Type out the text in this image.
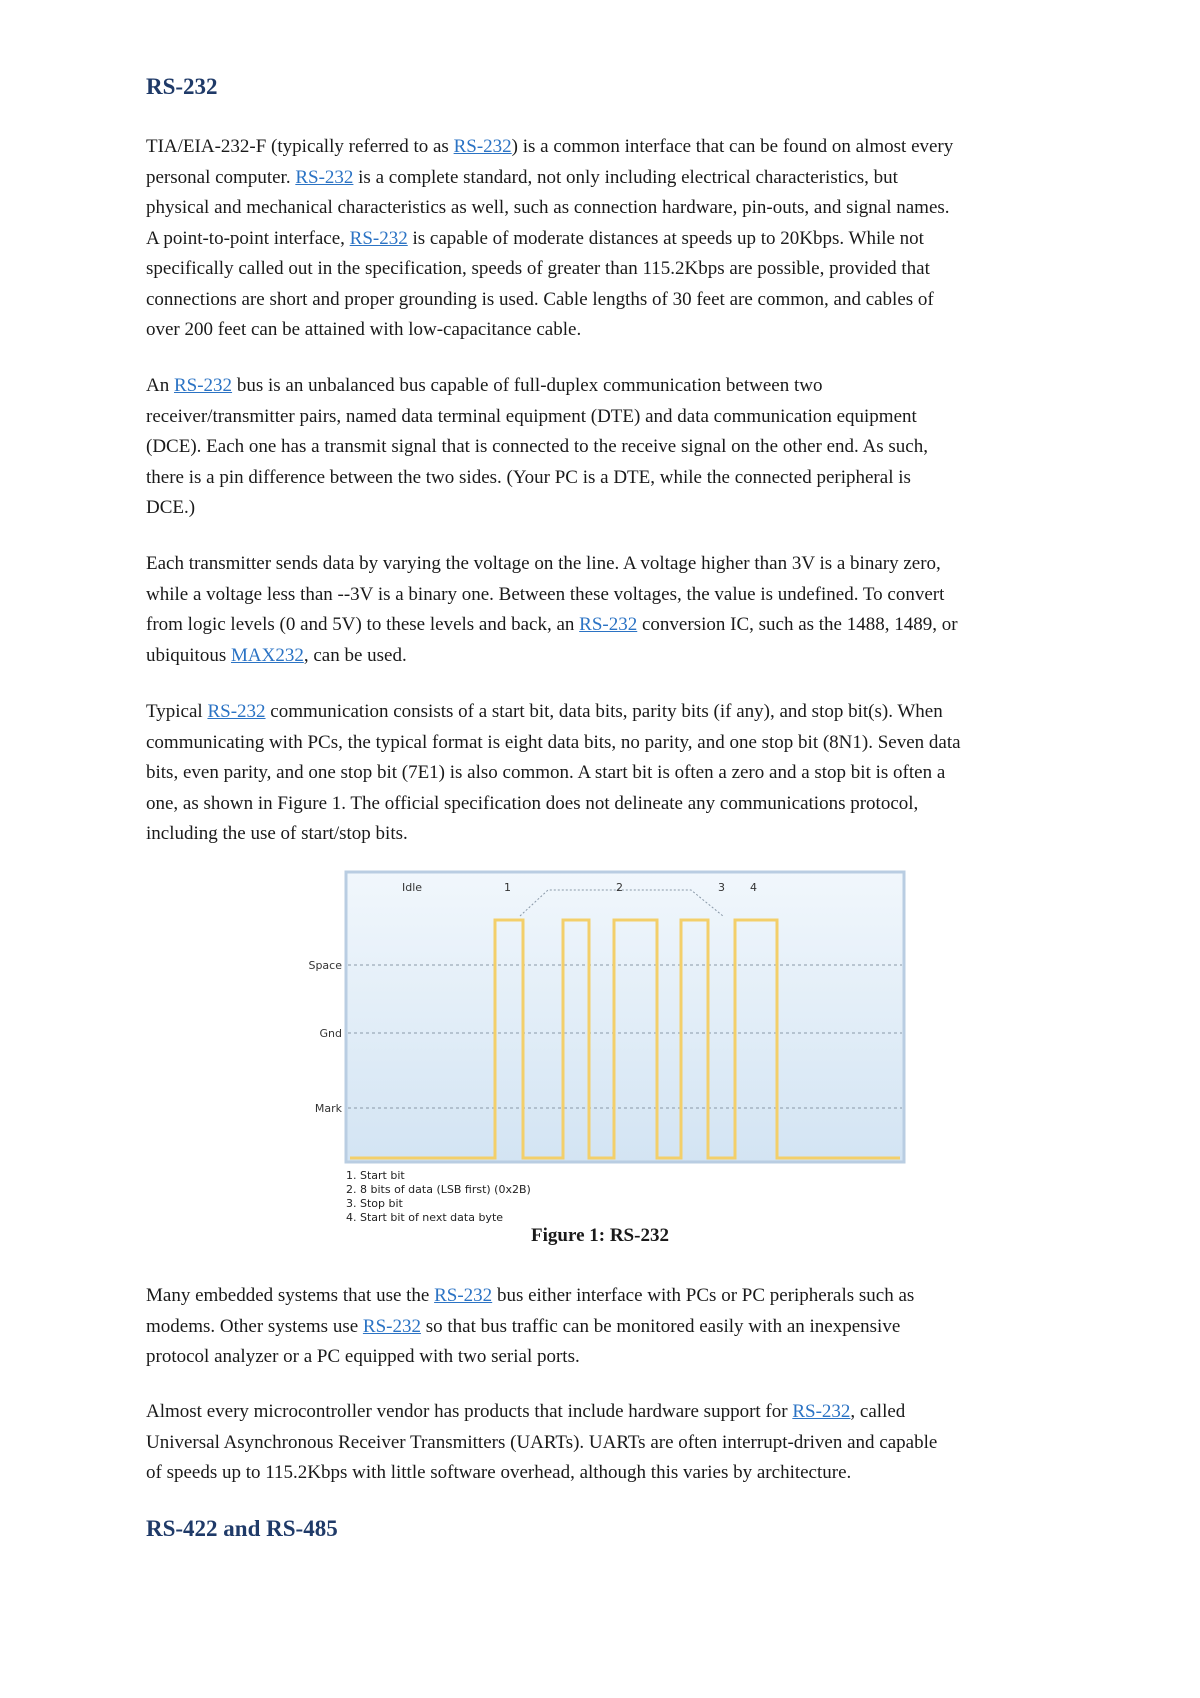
RS-232

TIA/EIA-232-F (typically referred to as RS-232) is a common interface that can be found on almost every
personal computer. RS-232 is a complete standard, not only including electrical characteristics, but
physical and mechanical characteristics as well, such as connection hardware, pin-outs, and signal names.
A point-to-point interface, RS-232 is capable of moderate distances at speeds up to 20Kbps. While not
specifically called out in the specification, speeds of greater than 115.2Kbps are possible, provided that
connections are short and proper grounding is used. Cable lengths of 30 feet are common, and cables of
over 200 feet can be attained with low-capacitance cable.

An RS-232 bus is an unbalanced bus capable of full-duplex communication between two
receiver/transmitter pairs, named data terminal equipment (DTE) and data communication equipment
(DCE). Each one has a transmit signal that is connected to the receive signal on the other end. As such,
there is a pin difference between the two sides. (Your PC is a DTE, while the connected peripheral is
DCE.)

Each transmitter sends data by varying the voltage on the line. A voltage higher than 3V is a binary zero,
while a voltage less than --3V is a binary one. Between these voltages, the value is undefined. To convert
from logic levels (0 and 5V) to these levels and back, an RS-232 conversion IC, such as the 1488, 1489, or
ubiquitous MAX232, can be used.

Typical RS-232 communication consists of a start bit, data bits, parity bits (if any), and stop bit(s). When
communicating with PCs, the typical format is eight data bits, no parity, and one stop bit (8N1). Seven data
bits, even parity, and one stop bit (7E1) is also common. A start bit is often a zero and a stop bit is often a
one, as shown in Figure 1. The official specification does not delineate any communications protocol,
including the use of start/stop bits.

Idle	1	2	3 4
Space
Gnd
Mark
1. Start bit
2. 8 bits of data (LSB first) (0x2B)
3. Stop bit
4. Start bit of next data byte

Figure 1: RS-232

Many embedded systems that use the RS-232 bus either interface with PCs or PC peripherals such as
modems. Other systems use RS-232 so that bus traffic can be monitored easily with an inexpensive
protocol analyzer or a PC equipped with two serial ports.

Almost every microcontroller vendor has products that include hardware support for RS-232, called
Universal Asynchronous Receiver Transmitters (UARTs). UARTs are often interrupt-driven and capable
of speeds up to 115.2Kbps with little software overhead, although this varies by architecture.

RS-422 and RS-485
